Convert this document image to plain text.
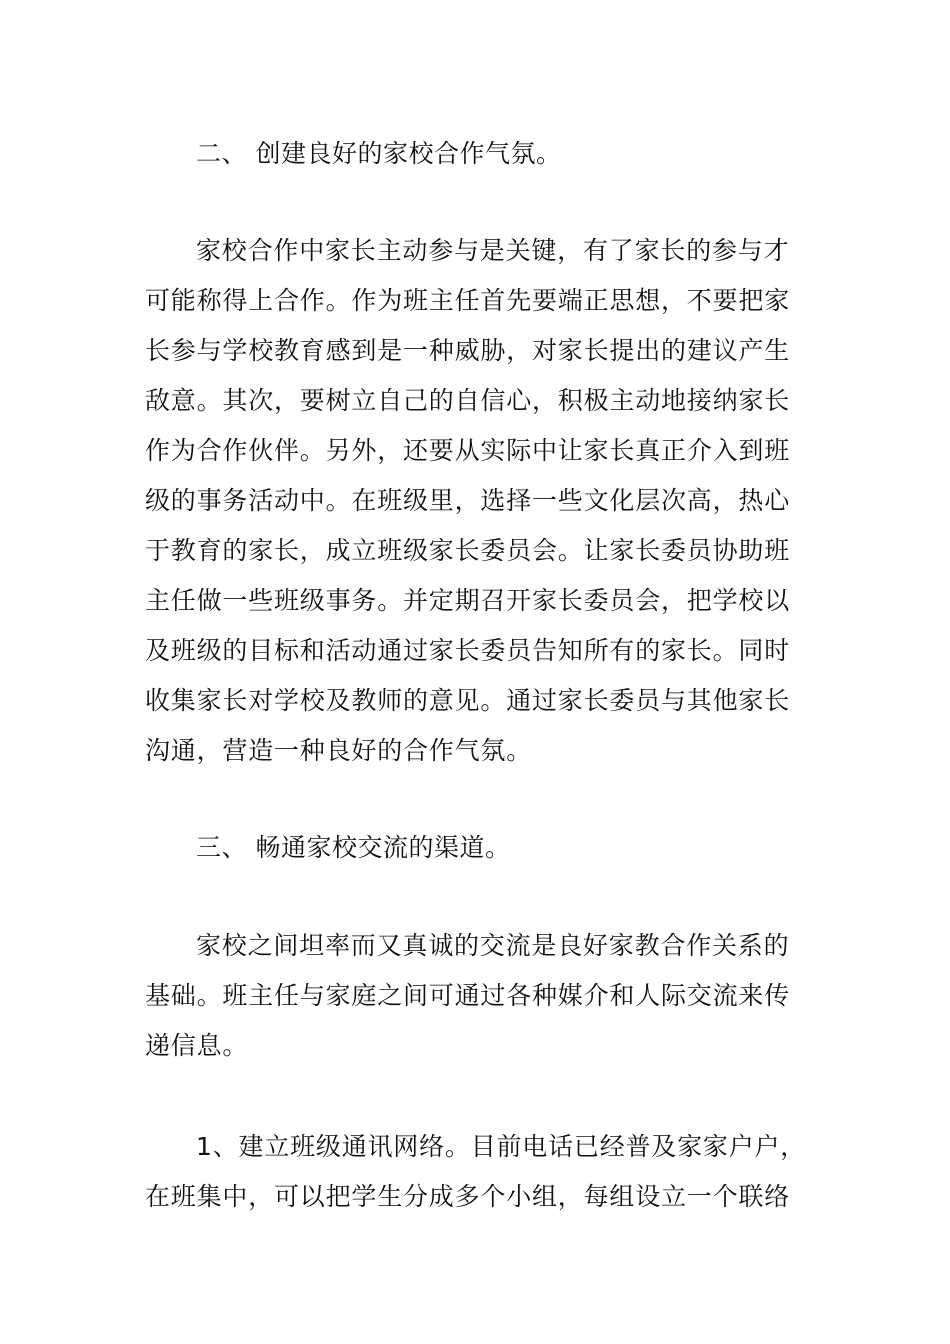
二、 创建良好的家校合作气氛。
家校合作中家长主动参与是关键，有了家长的参与才
可能称得上合作。作为班主任首先要端正思想，不要把家
长参与学校教育感到是一种威胁，对家长提出的建议产生
敌意。其次，要树立自己的自信心，积极主动地接纳家长
作为合作伙伴。另外，还要从实际中让家长真正介入到班
级的事务活动中。在班级里，选择一些文化层次高，热心
于教育的家长，成立班级家长委员会。让家长委员协助班
主任做一些班级事务。并定期召开家长委员会，把学校以
及班级的目标和活动通过家长委员告知所有的家长。同时
收集家长对学校及教师的意见。通过家长委员与其他家长
沟通，营造一种良好的合作气氛。
三、 畅通家校交流的渠道。
家校之间坦率而又真诚的交流是良好家教合作关系的
基础。班主任与家庭之间可通过各种媒介和人际交流来传
递信息。
1、建立班级通讯网络。目前电话已经普及家家户户，
在班集中，可以把学生分成多个小组，每组设立一个联络
